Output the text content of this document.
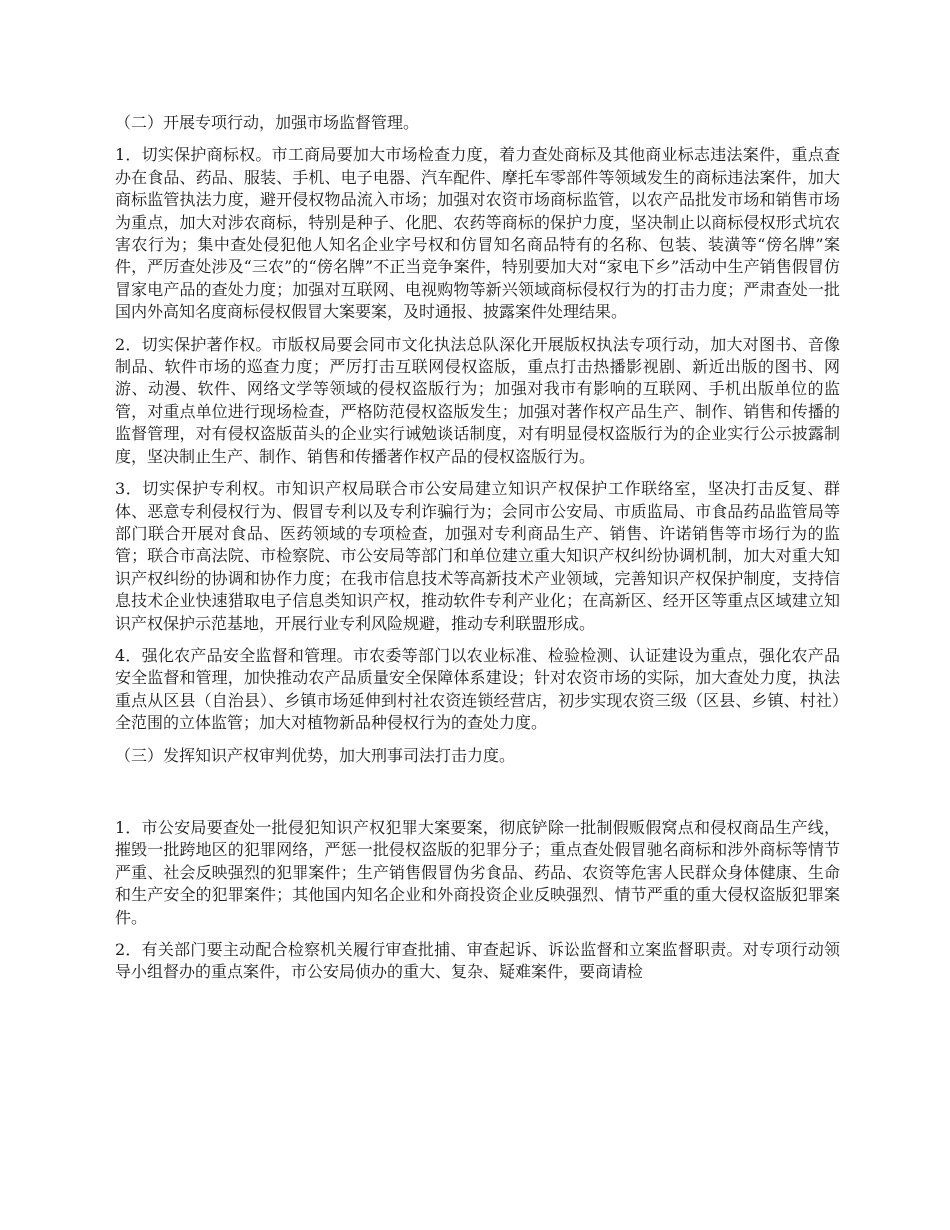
（二）开展专项行动，加强市场监督管理。

1．切实保护商标权。市工商局要加大市场检查力度，着力查处商标及其他商业标志违法案件，重点查办在食品、药品、服装、手机、电子电器、汽车配件、摩托车零部件等领域发生的商标违法案件，加大商标监管执法力度，避开侵权物品流入市场；加强对农资市场商标监管，以农产品批发市场和销售市场为重点，加大对涉农商标，特别是种子、化肥、农药等商标的保护力度，坚决制止以商标侵权形式坑农害农行为；集中查处侵犯他人知名企业字号权和仿冒知名商品特有的名称、包装、装潢等“傍名牌”案件，严厉查处涉及“三农”的“傍名牌”不正当竞争案件，特别要加大对“家电下乡”活动中生产销售假冒仿冒家电产品的查处力度；加强对互联网、电视购物等新兴领域商标侵权行为的打击力度；严肃查处一批国内外高知名度商标侵权假冒大案要案，及时通报、披露案件处理结果。

2．切实保护著作权。市版权局要会同市文化执法总队深化开展版权执法专项行动，加大对图书、音像制品、软件市场的巡查力度；严厉打击互联网侵权盗版，重点打击热播影视剧、新近出版的图书、网游、动漫、软件、网络文学等领域的侵权盗版行为；加强对我市有影响的互联网、手机出版单位的监管，对重点单位进行现场检查，严格防范侵权盗版发生；加强对著作权产品生产、制作、销售和传播的监督管理，对有侵权盗版苗头的企业实行诫勉谈话制度，对有明显侵权盗版行为的企业实行公示披露制度，坚决制止生产、制作、销售和传播著作权产品的侵权盗版行为。

3．切实保护专利权。市知识产权局联合市公安局建立知识产权保护工作联络室，坚决打击反复、群体、恶意专利侵权行为、假冒专利以及专利诈骗行为；会同市公安局、市质监局、市食品药品监管局等部门联合开展对食品、医药领域的专项检查，加强对专利商品生产、销售、许诺销售等市场行为的监管；联合市高法院、市检察院、市公安局等部门和单位建立重大知识产权纠纷协调机制，加大对重大知识产权纠纷的协调和协作力度；在我市信息技术等高新技术产业领域，完善知识产权保护制度，支持信息技术企业快速猎取电子信息类知识产权，推动软件专利产业化；在高新区、经开区等重点区域建立知识产权保护示范基地，开展行业专利风险规避，推动专利联盟形成。

4．强化农产品安全监督和管理。市农委等部门以农业标准、检验检测、认证建设为重点，强化农产品安全监督和管理，加快推动农产品质量安全保障体系建设；针对农资市场的实际，加大查处力度，执法重点从区县（自治县）、乡镇市场延伸到村社农资连锁经营店，初步实现农资三级（区县、乡镇、村社）全范围的立体监管；加大对植物新品种侵权行为的查处力度。

（三）发挥知识产权审判优势，加大刑事司法打击力度。

1．市公安局要查处一批侵犯知识产权犯罪大案要案，彻底铲除一批制假贩假窝点和侵权商品生产线，摧毁一批跨地区的犯罪网络，严惩一批侵权盗版的犯罪分子；重点查处假冒驰名商标和涉外商标等情节严重、社会反映强烈的犯罪案件；生产销售假冒伪劣食品、药品、农资等危害人民群众身体健康、生命和生产安全的犯罪案件；其他国内知名企业和外商投资企业反映强烈、情节严重的重大侵权盗版犯罪案件。

2．有关部门要主动配合检察机关履行审查批捕、审查起诉、诉讼监督和立案监督职责。对专项行动领导小组督办的重点案件，市公安局侦办的重大、复杂、疑难案件，要商请检
